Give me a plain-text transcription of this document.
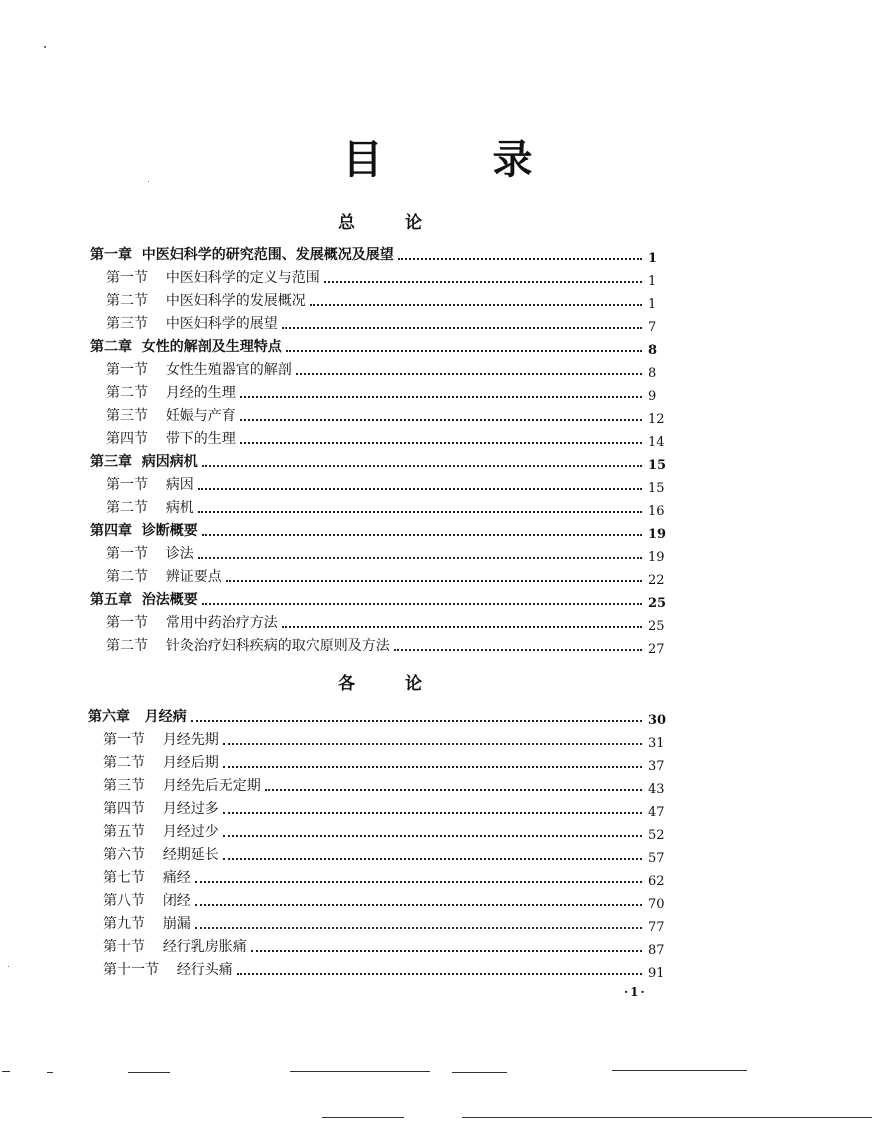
目 录
总 论
第一章 中医妇科学的研究范围、发展概况及展望	1
第一节 中医妇科学的定义与范围	1
第二节 中医妇科学的发展概况	1
第三节 中医妇科学的展望	7
第二章 女性的解剖及生理特点	8
第一节 女性生殖器官的解剖	8
第二节 月经的生理	9
第三节 妊娠与产育	12
第四节 带下的生理	14
第三章 病因病机	15
第一节 病因	15
第二节 病机	16
第四章 诊断概要	19
第一节 诊法	19
第二节 辨证要点	22
第五章 治法概要	25
第一节 常用中药治疗方法	25
第二节 针灸治疗妇科疾病的取穴原则及方法	27
各 论
第六章 月经病	30
第一节 月经先期	31
第二节 月经后期	37
第三节 月经先后无定期	43
第四节 月经过多	47
第五节 月经过少	52
第六节 经期延长	57
第七节 痛经	62
第八节 闭经	70
第九节 崩漏	77
第十节 经行乳房胀痛	87
第十一节 经行头痛	91
·1·
